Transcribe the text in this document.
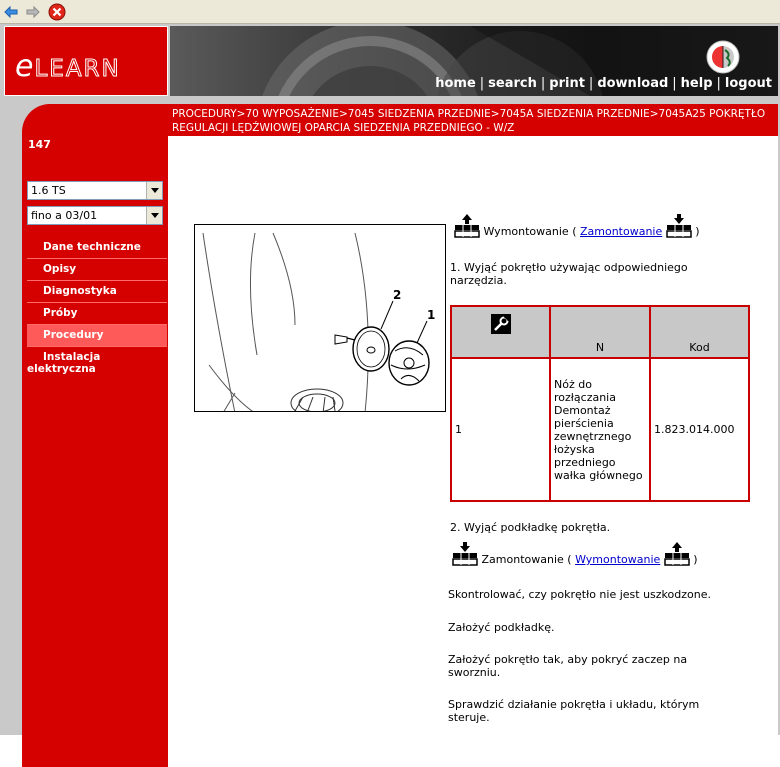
eLEARN
home | search | print | download | help | logout
PROCEDURY>70 WYPOSAŻENIE>7045 SIEDZENIA PRZEDNIE>7045A SIEDZENIA PRZEDNIE>7045A25 POKRĘTŁO REGULACJI LĘDŹWIOWEJ OPARCIA SIEDZENIA PRZEDNIEGO - W/Z
147
1.6 TS
fino a 03/01
Dane techniczne
Opisy
Diagnostyka
Próby
Procedury
Instalacja
elektryczna
2
1
Wymontowanie ( Zamontowanie	)
1. Wyjąć pokrętło używając odpowiedniego narzędzia.
	N	Kod
1	Nóż do rozłączania Demontaż pierścienia zewnętrznego łożyska przedniego wałka głównego	1.823.014.000
2. Wyjąć podkładkę pokrętła.
Zamontowanie ( Wymontowanie	)
Skontrolować, czy pokrętło nie jest uszkodzone.
Założyć podkładkę.
Założyć pokrętło tak, aby pokryć zaczep na sworzniu.
Sprawdzić działanie pokrętła i układu, którym steruje.
